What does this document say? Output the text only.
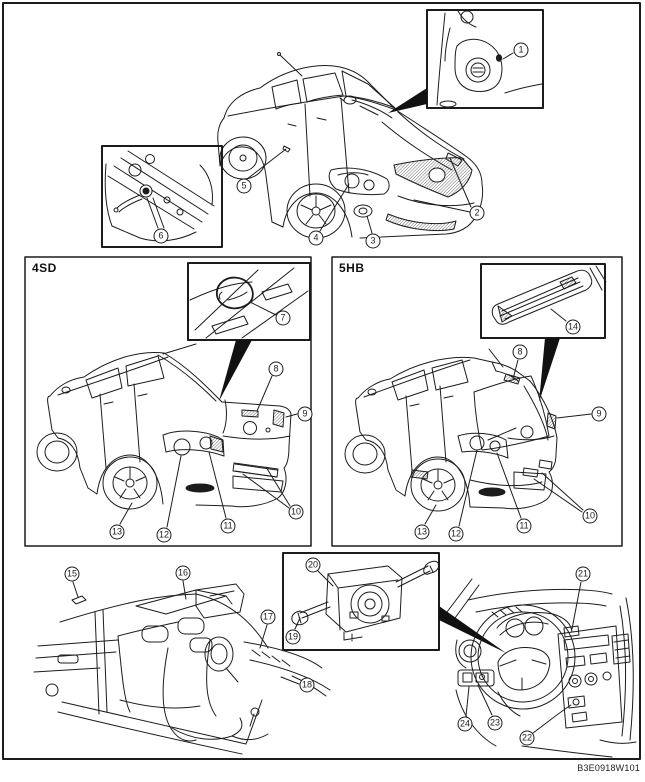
4SD	5HB
B3E0918W101
1
2
3
4
5
6
7
8
9
10
11
12
13
14
8
9
10
11
12
13
15	16
17
18
19
20
21
22
23
24
